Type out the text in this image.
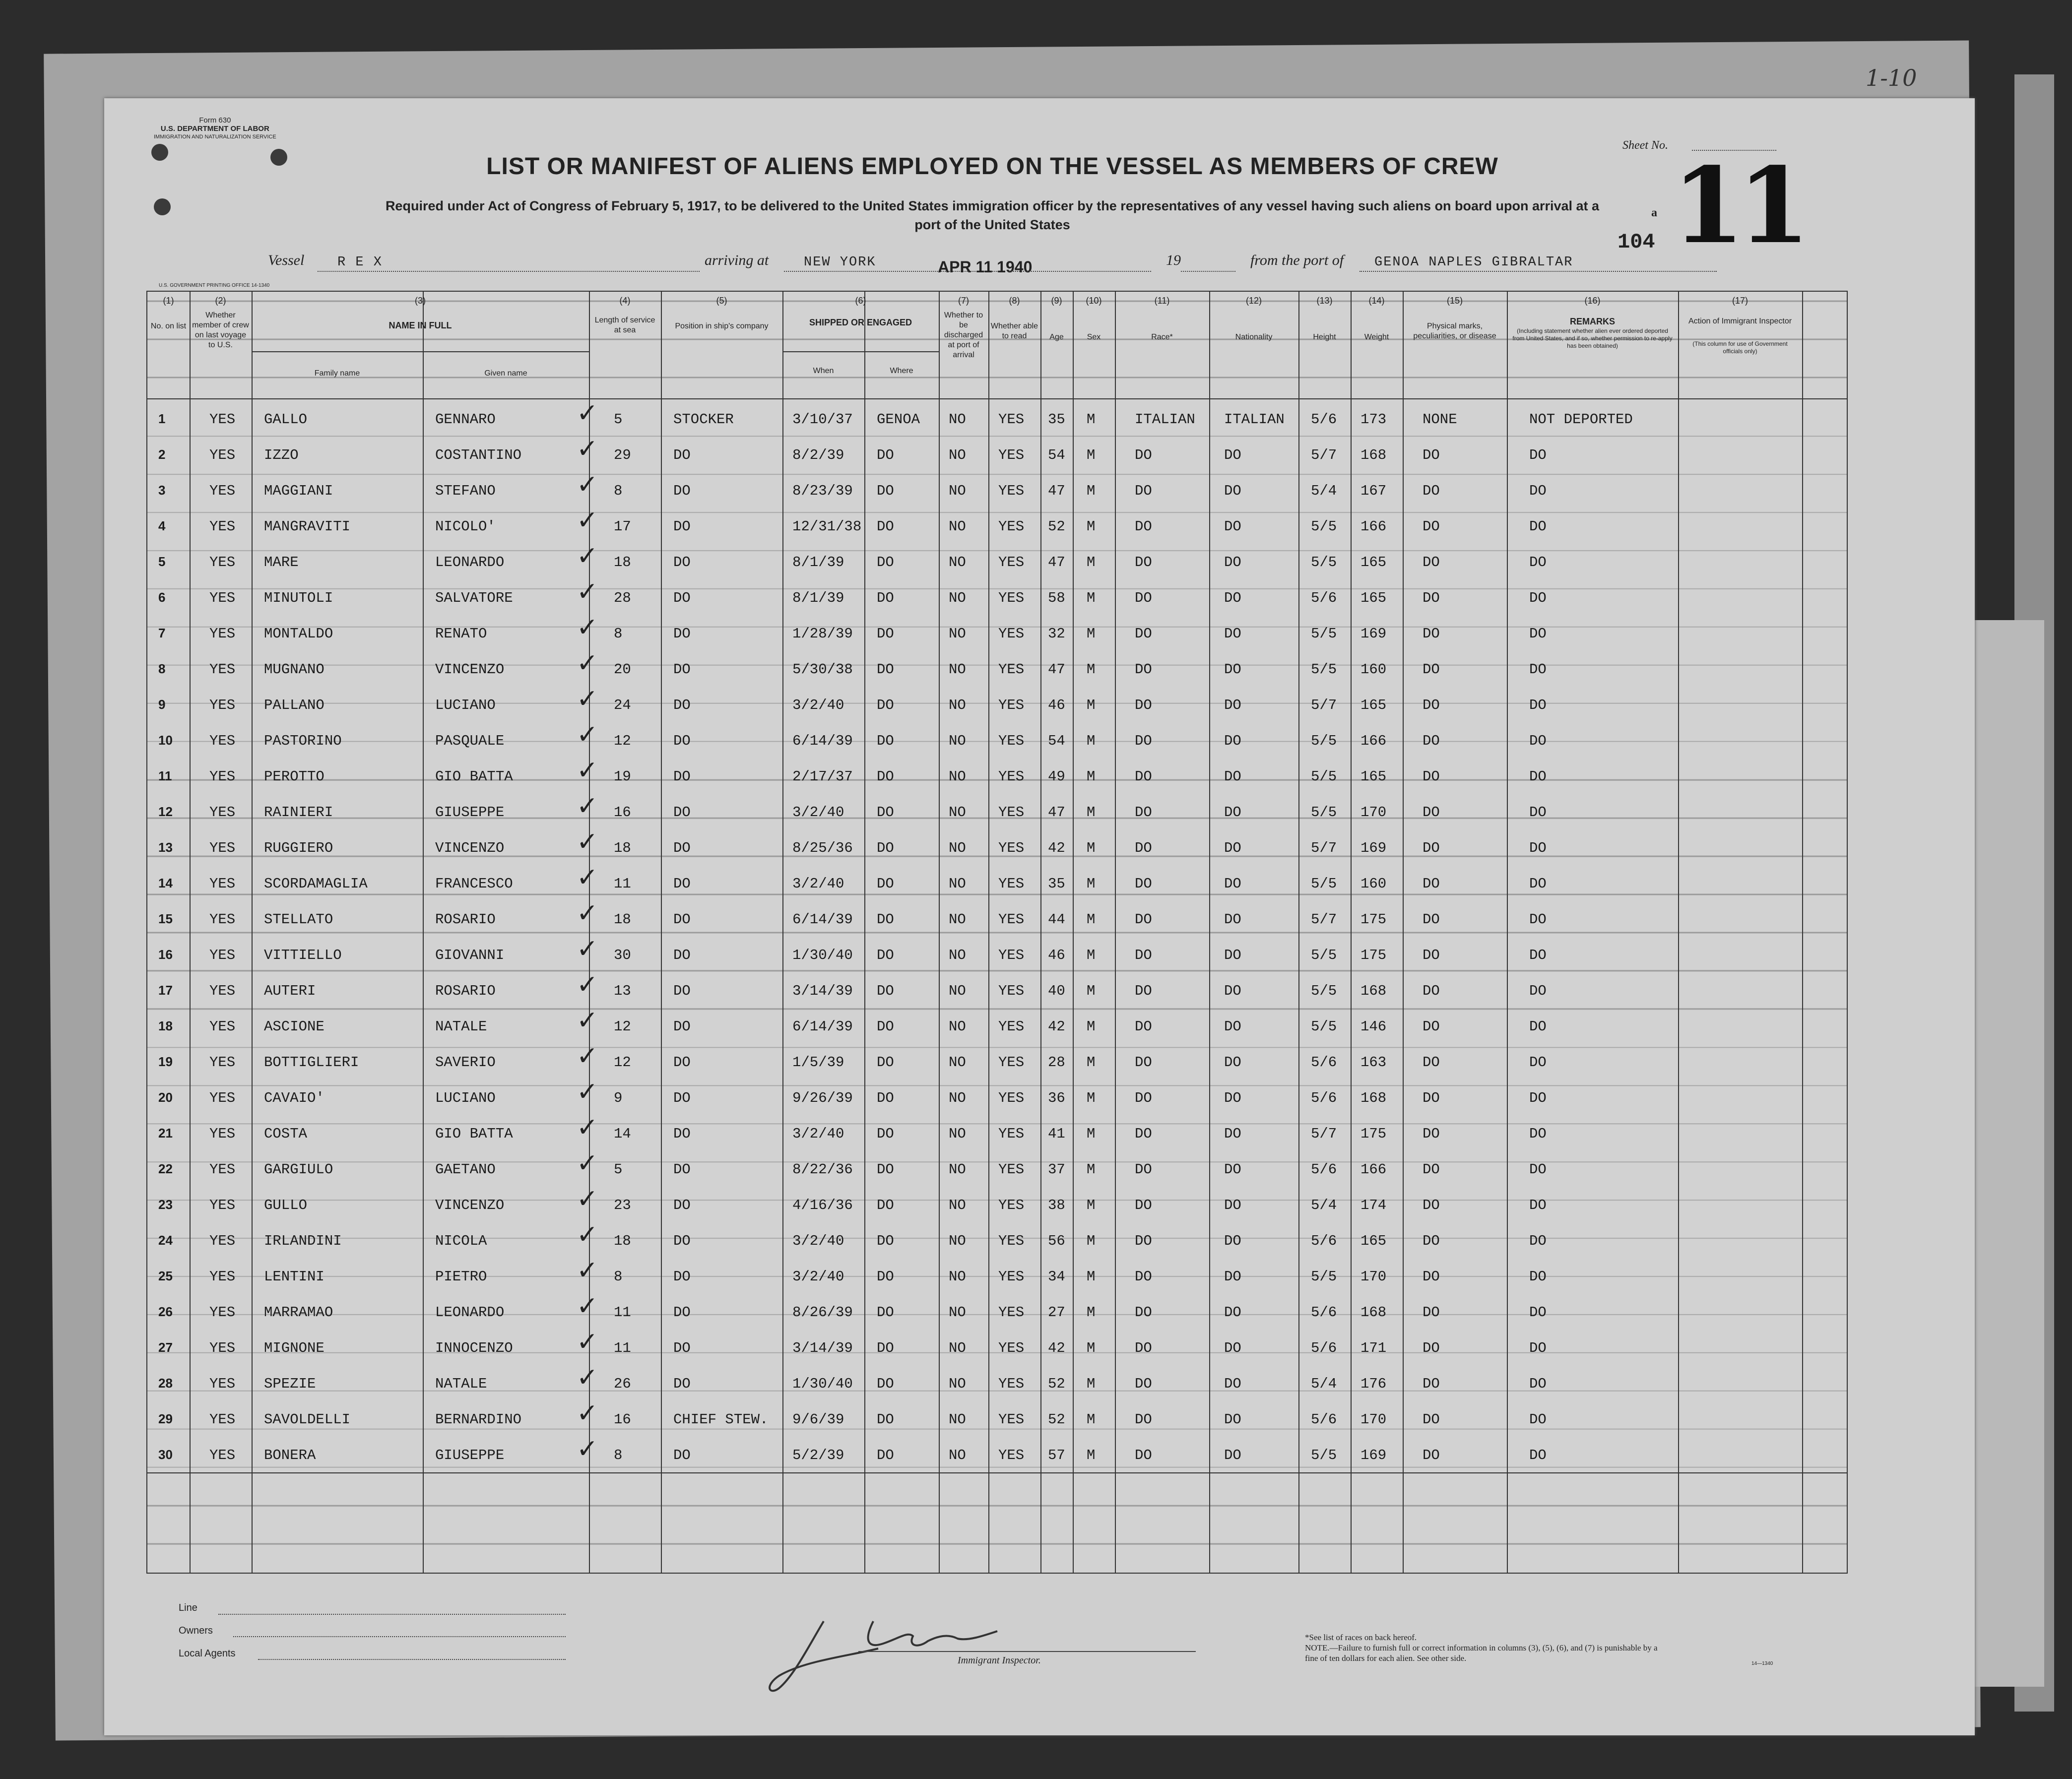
1-10
Form 630
U.S. DEPARTMENT OF LABOR
IMMIGRATION AND NATURALIZATION SERVICE
Sheet No. 11
a
104
LIST OR MANIFEST OF ALIENS EMPLOYED ON THE VESSEL AS MEMBERS OF CREW
Required under Act of Congress of February 5, 1917, to be delivered to the United States immigration officer by the representatives of any vessel having such aliens on board upon arrival at a
port of the United States
Vessel R E X	arriving at	NEW YORK	APR 11 1940	19	from the port of GENOA NAPLES GIBRALTAR
U.S. GOVERNMENT PRINTING OFFICE 14-1340
(1)	(2)	(3)	(4)	(5)	(6)	(7)	(8)	(9)	(10)	(11)	(12)	(13)	(14)	(15)	(16)	(17)
No. on list
Whether member of crew on last voyage to U.S.
NAME IN FULL
Family name	Given name
Length of service at sea	Position in ship's company	SHIPPED OR ENGAGED
When	Where
Whether to be discharged at port of arrival
Whether able to read	Age	Sex	Race*	Nationality	Height	Weight
Physical marks, peculiarities, or disease
REMARKS
(Including statement whether alien ever ordered deported from United States, and if so, whether permission to re-apply has been obtained)
Action of Immigrant Inspector
(This column for use of Government officials only)
1	YES GALLO	GENNARO	5	STOCKER	3/10/37 GENOA NO YES 35 M	ITALIAN ITALIAN 5/6 173	NONE	NOT DEPORTED
✓
2	YES IZZO	COSTANTINO	29	DO	8/2/39 DO	NO YES 54 M	DO	DO	5/7 168	DO	DO
✓
3	YES MAGGIANI	STEFANO	8	DO	8/23/39 DO	NO YES 47 M	DO	DO	5/4 167	DO	DO
✓
4	YES MANGRAVITI	NICOLO'	17	DO	12/31/38 DO	NO YES 52 M	DO	DO	5/5 166	DO	DO
✓
5	YES MARE	LEONARDO	18	DO	8/1/39 DO	NO YES 47 M	DO	DO	5/5 165	DO	DO
✓
6	YES MINUTOLI	SALVATORE	28	DO	8/1/39 DO	NO YES 58 M	DO	DO	5/6 165	DO	DO
✓
7	YES MONTALDO	RENATO	8	DO	1/28/39 DO	NO YES 32 M	DO	DO	5/5 169	DO	DO
✓
8	YES MUGNANO	VINCENZO	20	DO	5/30/38 DO	NO YES 47 M	DO	DO	5/5 160	DO	DO
✓
9	YES PALLANO	LUCIANO	24	DO	3/2/40 DO	NO YES 46 M	DO	DO	5/7 165	DO	DO
✓
10	YES PASTORINO	PASQUALE	12	DO	6/14/39 DO	NO YES 54 M	DO	DO	5/5 166	DO	DO
✓
11	YES PEROTTO	GIO BATTA	19	DO	2/17/37 DO	NO YES 49 M	DO	DO	5/5 165	DO	DO
✓
12	YES RAINIERI	GIUSEPPE	16	DO	3/2/40 DO	NO YES 47 M	DO	DO	5/5 170	DO	DO
✓
13	YES RUGGIERO	VINCENZO	18	DO	8/25/36 DO	NO YES 42 M	DO	DO	5/7 169	DO	DO
✓
14	YES SCORDAMAGLIA	FRANCESCO	11	DO	3/2/40 DO	NO YES 35 M	DO	DO	5/5 160	DO	DO
✓
15	YES STELLATO	ROSARIO	18	DO	6/14/39 DO	NO YES 44 M	DO	DO	5/7 175	DO	DO
✓
16	YES VITTIELLO	GIOVANNI	30	DO	1/30/40 DO	NO YES 46 M	DO	DO	5/5 175	DO	DO
✓
17	YES AUTERI	ROSARIO	13	DO	3/14/39 DO	NO YES 40 M	DO	DO	5/5 168	DO	DO
✓
18	YES ASCIONE	NATALE	12	DO	6/14/39 DO	NO YES 42 M	DO	DO	5/5 146	DO	DO
✓
19	YES BOTTIGLIERI	SAVERIO	12	DO	1/5/39 DO	NO YES 28 M	DO	DO	5/6 163	DO	DO
✓
20	YES CAVAIO'	LUCIANO	9	DO	9/26/39 DO	NO YES 36 M	DO	DO	5/6 168	DO	DO
✓
21	YES COSTA	GIO BATTA	14	DO	3/2/40 DO	NO YES 41 M	DO	DO	5/7 175	DO	DO
✓
22	YES GARGIULO	GAETANO	5	DO	8/22/36 DO	NO YES 37 M	DO	DO	5/6 166	DO	DO
✓
23	YES GULLO	VINCENZO	23	DO	4/16/36 DO	NO YES 38 M	DO	DO	5/4 174	DO	DO
✓
24	YES IRLANDINI	NICOLA	18	DO	3/2/40 DO	NO YES 56 M	DO	DO	5/6 165	DO	DO
✓
25	YES LENTINI	PIETRO	8	DO	3/2/40 DO	NO YES 34 M	DO	DO	5/5 170	DO	DO
✓
26	YES MARRAMAO	LEONARDO	11	DO	8/26/39 DO	NO YES 27 M	DO	DO	5/6 168	DO	DO
✓
27	YES MIGNONE	INNOCENZO	11	DO	3/14/39 DO	NO YES 42 M	DO	DO	5/6 171	DO	DO
✓
28	YES SPEZIE	NATALE	26	DO	1/30/40 DO	NO YES 52 M	DO	DO	5/4 176	DO	DO
✓
29	YES SAVOLDELLI	BERNARDINO	16	CHIEF STEW. 9/6/39 DO	NO YES 52 M	DO	DO	5/6 170	DO	DO
✓
30	YES BONERA	GIUSEPPE	8	DO	5/2/39 DO	NO YES 57 M	DO	DO	5/5 169	DO	DO
✓
Line
Owners
Local Agents
Immigrant Inspector.
*See list of races on back hereof.
NOTE.—Failure to furnish full or correct information in columns (3), (5), (6), and (7) is punishable by a fine of ten dollars for each alien. See other side.
14—1340
